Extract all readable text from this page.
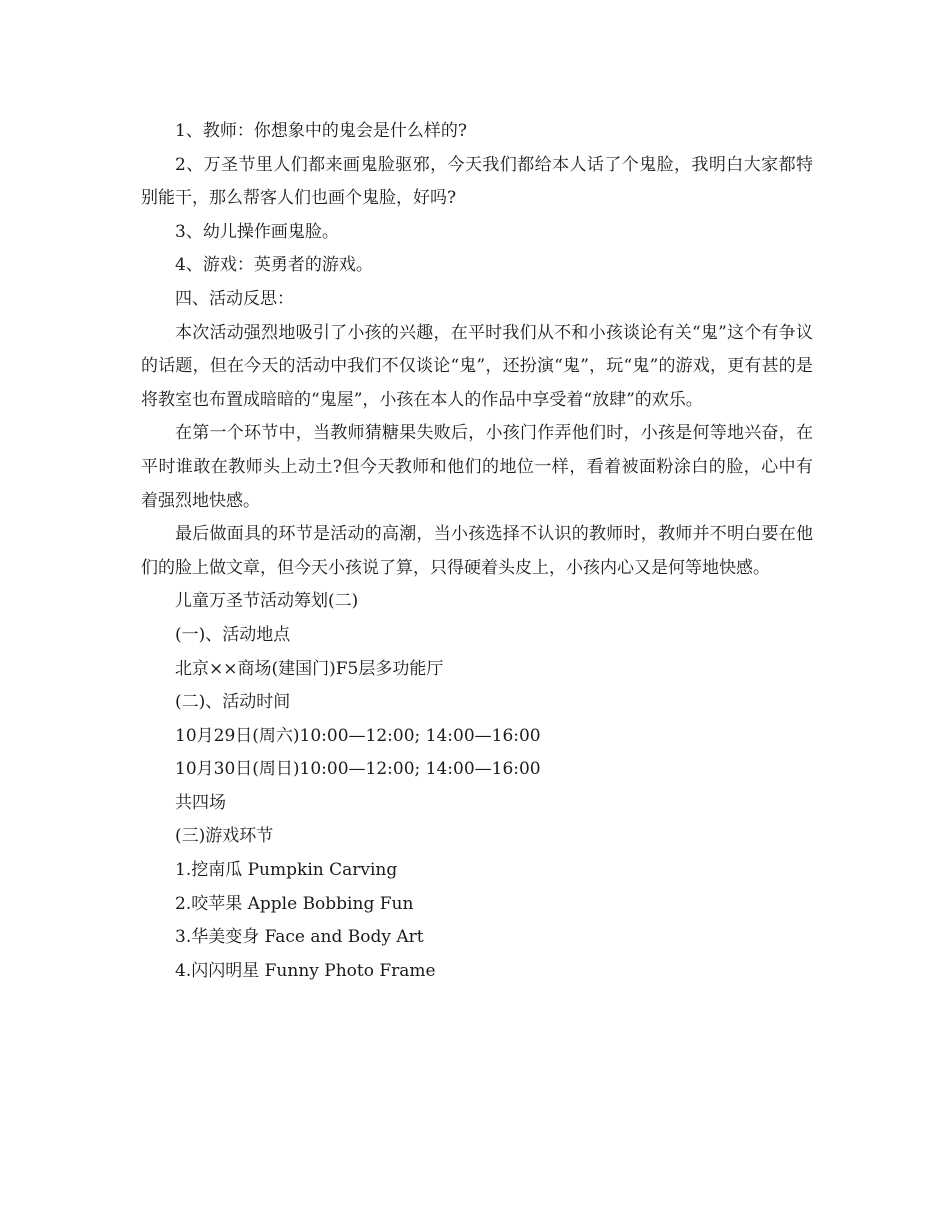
1、教师：你想象中的鬼会是什么样的?

2、万圣节里人们都来画鬼脸驱邪，今天我们都给本人话了个鬼脸，我明白大家都特别能干，那么帮客人们也画个鬼脸，好吗?

3、幼儿操作画鬼脸。

4、游戏：英勇者的游戏。

四、活动反思：

本次活动强烈地吸引了小孩的兴趣，在平时我们从不和小孩谈论有关“鬼”这个有争议的话题，但在今天的活动中我们不仅谈论“鬼”，还扮演“鬼”，玩“鬼”的游戏，更有甚的是将教室也布置成暗暗的“鬼屋”，小孩在本人的作品中享受着“放肆”的欢乐。

在第一个环节中，当教师猜糖果失败后，小孩门作弄他们时，小孩是何等地兴奋，在平时谁敢在教师头上动土?但今天教师和他们的地位一样，看着被面粉涂白的脸，心中有着强烈地快感。

最后做面具的环节是活动的高潮，当小孩选择不认识的教师时，教师并不明白要在他们的脸上做文章，但今天小孩说了算，只得硬着头皮上，小孩内心又是何等地快感。

儿童万圣节活动筹划(二)

(一)、活动地点

北京××商场(建国门)F5层多功能厅

(二)、活动时间

10月29日(周六)10:00—12:00; 14:00—16:00

10月30日(周日)10:00—12:00; 14:00—16:00

共四场

(三)游戏环节

1.挖南瓜 Pumpkin Carving

2.咬苹果 Apple Bobbing Fun

3.华美变身 Face and Body Art

4.闪闪明星 Funny Photo Frame
